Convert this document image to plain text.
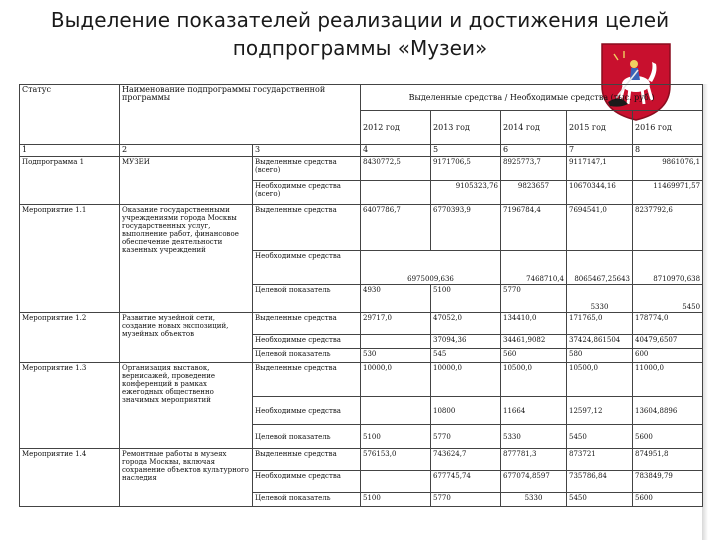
Выделение показателей реализации и достижения целей
подпрограммы «Музеи»
Статус	Наименование подпрограммы государственной программы		Выделенные средства / Необходимые средства (тыс. руб.)				
			2012 год	2013 год	2014 год	2015 год	2016 год
1	2	3	4	5	6	7	8
Подпрограмма 1	МУЗЕИ	Выделенные средства (всего)	8430772,5	9171706,5	8925773,7	9117147,1	9861076,1
		Необходимые средства (всего)		9105323,76	9823657	10670344,16	11469971,57
Мероприятие 1.1	Оказание государственными учреждениями города Москвы государственных услуг, выполнение работ, финансовое обеспечение деятельности казенных учреждений	Выделенные средства	6407786,7	6770393,9	7196784,4	7694541,0	8237792,6
		Необходимые средства	6975009,636		7468710,4	8065467,25643	8710970,638
		Целевой показатель	4930	5100	5770	5330	5450
Мероприятие 1.2	Развитие музейной сети, создание новых экспозиций, музейных объектов	Выделенные средства	29717,0	47052,0	134410,0	171765,0	178774,0
		Необходимые средства		37094,36	34461,9082	37424,861504	40479,6507
		Целевой показатель	530	545	560	580	600
Мероприятие 1.3	Организация выставок, вернисажей, проведение конференций в рамках ежегодных общественно значимых мероприятий	Выделенные средства	10000,0	10000,0	10500,0	10500,0	11000,0
		Необходимые средства		10800	11664	12597,12	13604,8896
		Целевой показатель	5100	5770	5330	5450	5600
Мероприятие 1.4	Ремонтные работы в музеях города Москвы, включая сохранение объектов культурного наследия	Выделенные средства	576153,0	743624,7	877781,3	873721	874951,8
		Необходимые средства		677745,74	677074,8597	735786,84	783849,79
		Целевой показатель	5100	5770	5330	5450	5600
